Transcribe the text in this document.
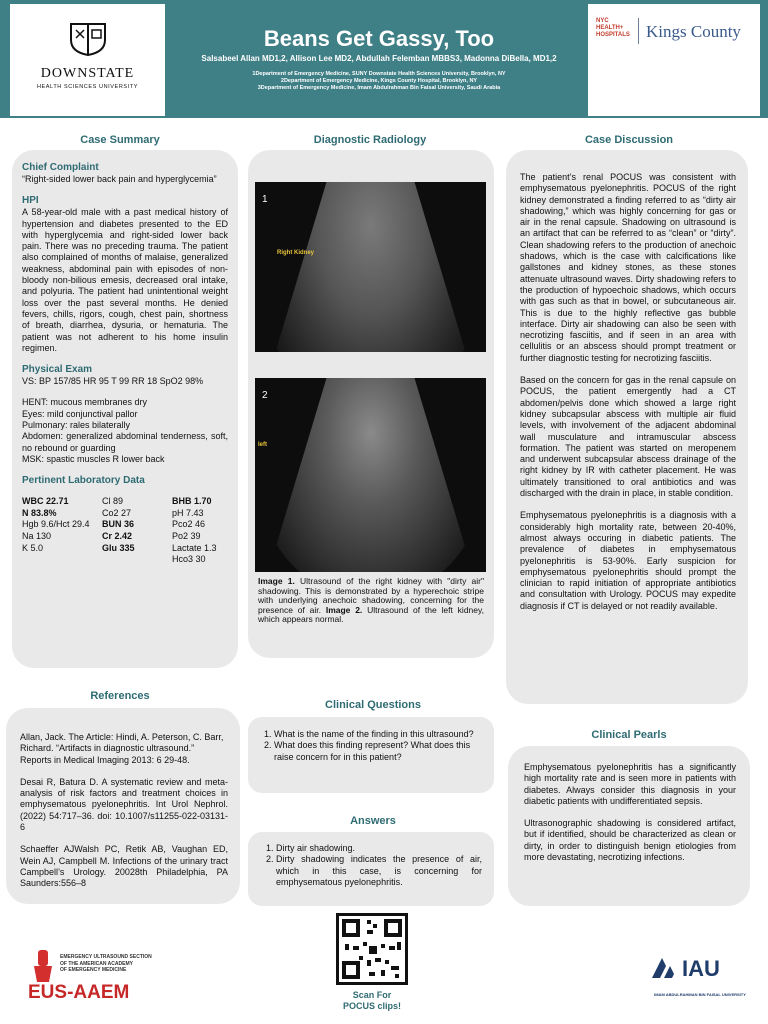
DOWNSTATE
HEALTH SCIENCES UNIVERSITY
Beans Get Gassy, Too
Salsabeel Allan MD1,2, Allison Lee MD2, Abdullah Felemban MBBS3, Madonna DiBella, MD1,2
1Department of Emergency Medicine, SUNY Downstate Health Sciences University, Brooklyn, NY
2Department of Emergency Medicine, Kings County Hospital, Brooklyn, NY
3Department of Emergency Medicine, Imam Abdulrahman Bin Faisal University, Saudi Arabia
NYC
HEALTH+
HOSPITALS Kings County
Case Summary
Chief Complaint
“Right-sided lower back pain and hyperglycemia”
HPI
A 58-year-old male with a past medical history of hypertension and diabetes presented to the ED with hyperglycemia and right-sided lower back pain. There was no preceding trauma. The patient also complained of months of malaise, generalized weakness, abdominal pain with episodes of non-bloody non-bilious emesis, decreased oral intake, and polyuria. The patient had unintentional weight loss over the past several months. He denied fevers, chills, rigors, cough, chest pain, shortness of breath, diarrhea, dysuria, or hematuria. The patient was not adherent to his home insulin regimen.
Physical Exam
VS: BP 157/85 HR 95 T 99 RR 18 SpO2 98%
HENT: mucous membranes dry
Eyes: mild conjunctival pallor
Pulmonary: rales bilaterally
Abdomen: generalized abdominal tenderness, soft, no rebound or guarding
MSK: spastic muscles R lower back
Pertinent Laboratory Data
WBC 22.71
N 83.8%
Hgb 9.6/Hct 29.4
Na 130
K 5.0
Cl 89
Co2 27
BUN 36
Cr 2.42
Glu 335
BHB 1.70
pH 7.43
Pco2 46
Po2 39
Lactate 1.3
Hco3 30
Diagnostic Radiology
1
Right Kidney
2
left
Image 1. Ultrasound of the right kidney with "dirty air" shadowing. This is demonstrated by a hyperechoic stripe with underlying anechoic shadowing, concerning for the presence of air. Image 2. Ultrasound of the left kidney, which appears normal.
Case Discussion
The patient’s renal POCUS was consistent with emphysematous pyelonephritis. POCUS of the right kidney demonstrated a finding referred to as “dirty air shadowing,” which was highly concerning for gas or air in the renal capsule. Shadowing on ultrasound is an artifact that can be referred to as “clean” or “dirty”. Clean shadowing refers to the production of anechoic shadows, which is the case with calcifications like gallstones and kidney stones, as these stones attenuate ultrasound waves. Dirty shadowing refers to the production of hypoechoic shadows, which occurs with gas such as that in bowel, or subcutaneous air. This is due to the highly reflective gas bubble interface. Dirty air shadowing can also be seen with necrotizing fasciitis, and if seen in an area with cellulitis or an abscess should prompt treatment or further diagnostic testing for necrotizing fasciitis.
Based on the concern for gas in the renal capsule on POCUS, the patient emergently had a CT abdomen/pelvis done which showed a large right kidney subcapsular abscess with multiple air fluid levels, with involvement of the adjacent abdominal wall musculature and intramuscular abscess formation. The patient was started on meropenem and underwent subcapsular abscess drainage of the right kidney by IR with catheter placement. He was ultimately transitioned to oral antibiotics and was discharged with the drain in place, in stable condition.
Emphysematous pyelonephritis is a diagnosis with a considerably high mortality rate, between 20-40%, almost always occuring in diabetic patients. The prevalence of diabetes in emphysematous pyelonephritis is 53-90%. Early suspicion for emphysematous pyelonephritis should prompt the clinician to rapid initiation of appropriate antibiotics and consultation with Urology. POCUS may expedite diagnosis if CT is delayed or not readily available.
References
Allan, Jack. The Article: Hindi, A. Peterson, C. Barr, Richard. “Artifacts in diagnostic ultrasound.” Reports in Medical Imaging 2013: 6 29-48.
Desai R, Batura D. A systematic review and meta-analysis of risk factors and treatment choices in emphysematous pyelonephritis. Int Urol Nephrol. (2022) 54:717–36. doi: 10.1007/s11255-022-03131-6
Schaeffer AJWalsh PC, Retik AB, Vaughan ED, Wein AJ, Campbell M. Infections of the urinary tract Campbell’s Urology. 20028th Philadelphia, PA Saunders:556–8
Clinical Questions
1. What is the name of the finding in this ultrasound?
2. What does this finding represent? What does this raise concern for in this patient?
Answers
1. Dirty air shadowing.
2. Dirty shadowing indicates the presence of air, which in this case, is concerning for emphysematous pyelonephritis.
Clinical Pearls
Emphysematous pyelonephritis has a significantly high mortality rate and is seen more in patients with diabetes. Always consider this diagnosis in your diabetic patients with undifferentiated sepsis.
Ultrasonographic shadowing is considered artifact, but if identified, should be characterized as clean or dirty, in order to distinguish benign etiologies from more devastating, necrotizing infections.
EMERGENCY ULTRASOUND SECTION
OF THE AMERICAN ACADEMY
OF EMERGENCY MEDICINE
EUS-AAEM	Scan For
POCUS clips!
IAU
IMAM ABDULRAHMAN BIN FAISAL UNIVERSITY
